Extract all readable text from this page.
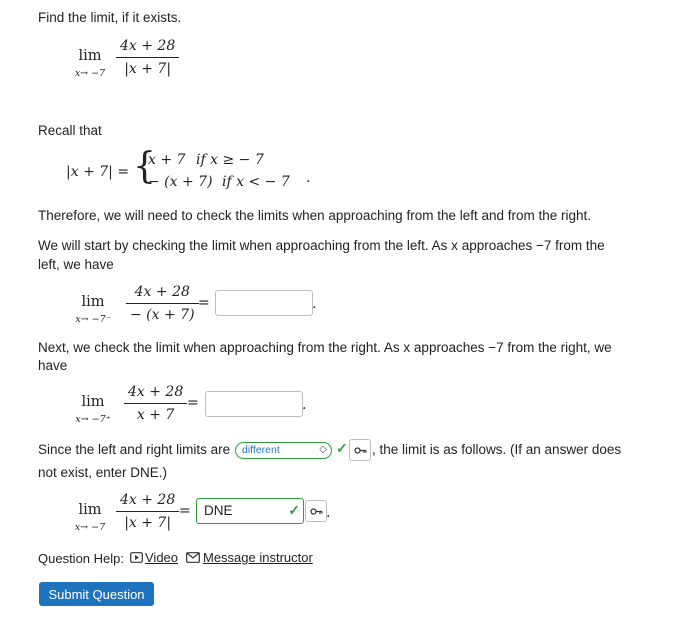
Find the limit, if it exists.
lim
$x\to -7 \frac{4x + 28}{|x + 7|}$
Recall that
|x + 7| = {
x + 7 if x ≥ − 7
− (x + 7) if x < − 7 .
Therefore, we will need to check the limits when approaching from the left and from the right.
We will start by checking the limit when approaching from the left. As x approaches −7 from the
left, we have
lim
x→ −7⁻	$\frac{4x + 28}{- (x + 7)}$ =	.
Next, we check the limit when approaching from the right. As x approaches −7 from the right, we
have
lim
$x\to -7^+ \frac{4x + 28}{x + 7}$ =	.
Since the left and right limits are	different	◇ ✓ , the limit is as follows. (If an answer does
not exist, enter DNE.)
lim
$x\to -7 \frac{4x + 28}{|x + 7|}$ = DNE	✓ .
Question Help: Video Message instructor
Submit Question
